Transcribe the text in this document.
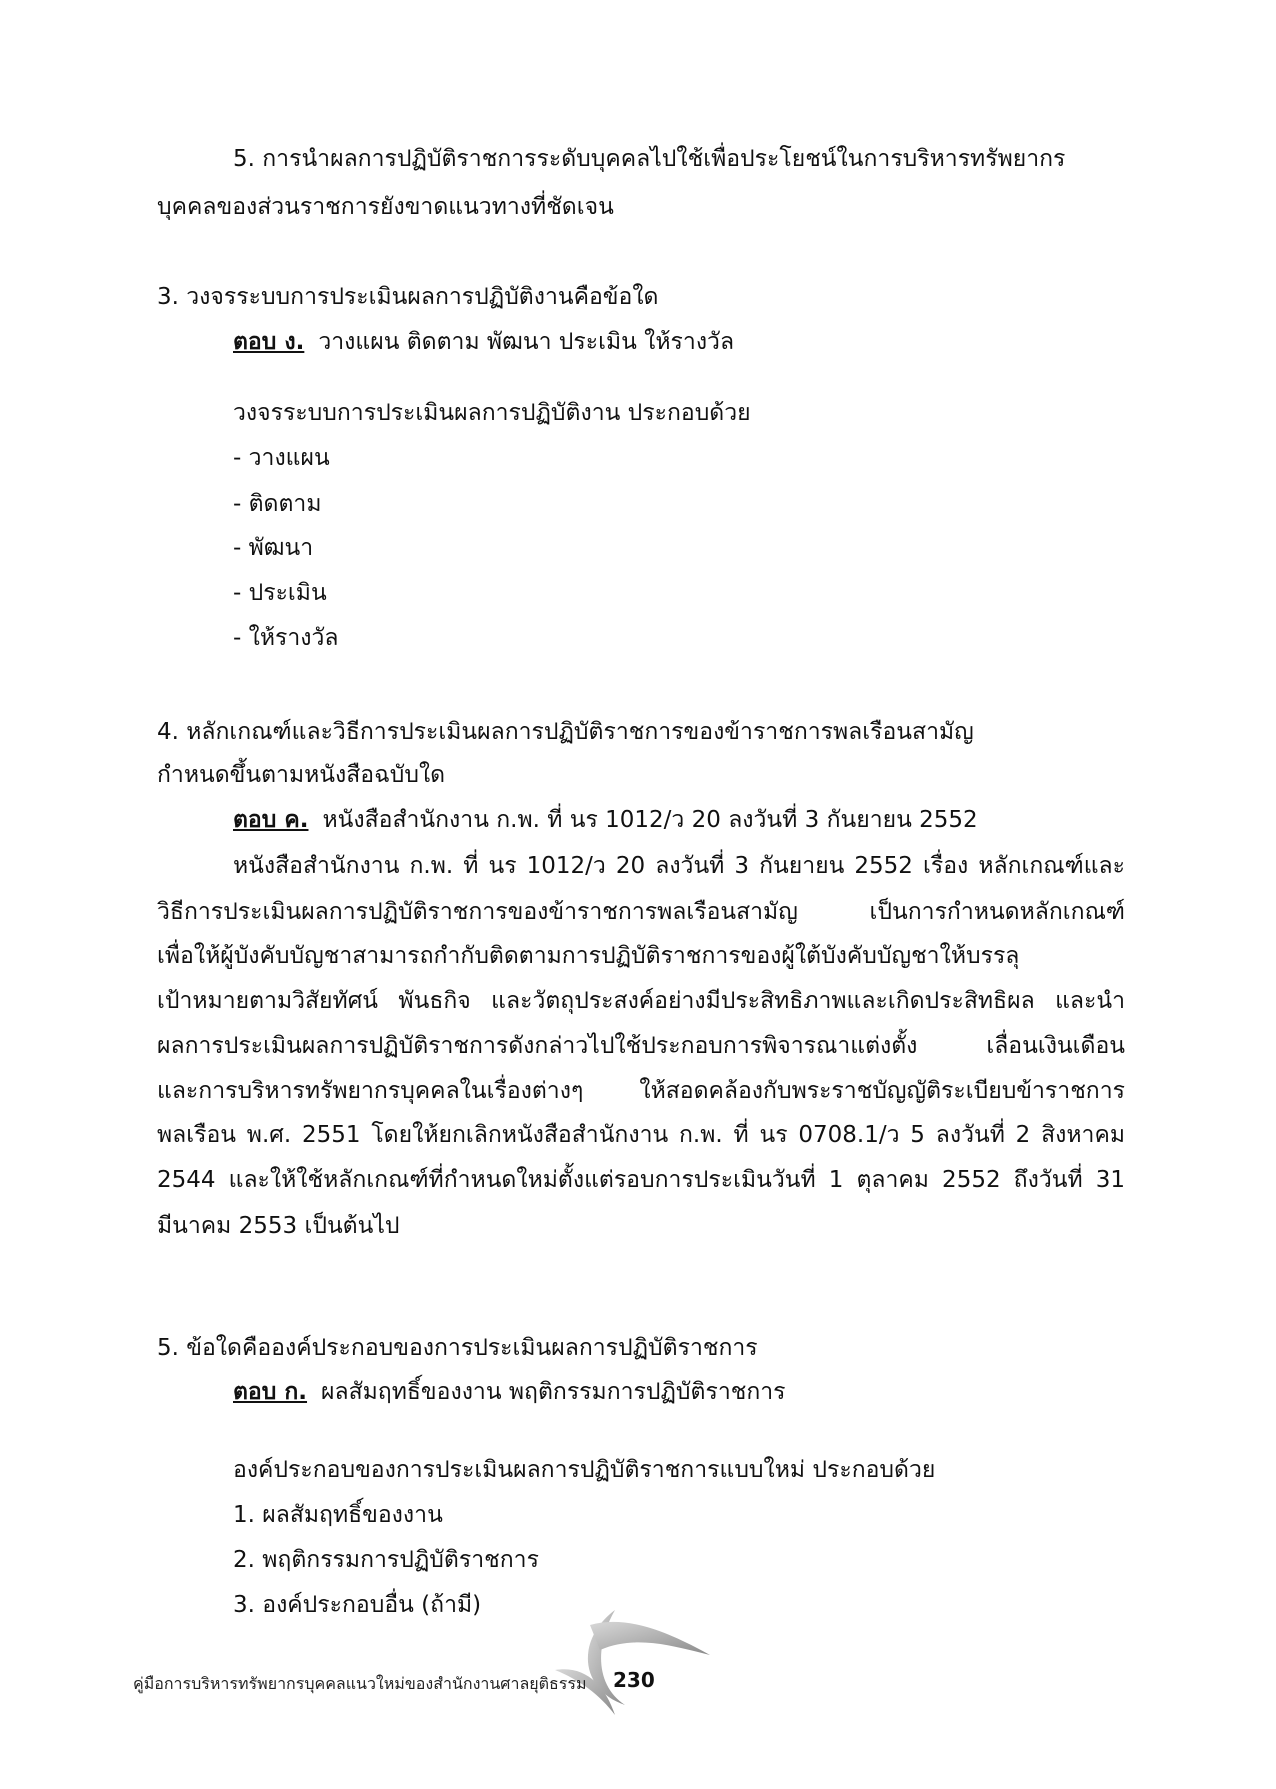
5. การนำผลการปฏิบัติราชการระดับบุคคลไปใช้เพื่อประโยชน์ในการบริหารทรัพยากร
บุคคลของส่วนราชการยังขาดแนวทางที่ชัดเจน
3. วงจรระบบการประเมินผลการปฏิบัติงานคือข้อใด
ตอบ ง. วางแผน ติดตาม พัฒนา ประเมิน ให้รางวัล
วงจรระบบการประเมินผลการปฏิบัติงาน ประกอบด้วย
- วางแผน
- ติดตาม
- พัฒนา
- ประเมิน
- ให้รางวัล
4. หลักเกณฑ์และวิธีการประเมินผลการปฏิบัติราชการของข้าราชการพลเรือนสามัญ
กำหนดขึ้นตามหนังสือฉบับใด
ตอบ ค. หนังสือสำนักงาน ก.พ. ที่ นร 1012/ว 20 ลงวันที่ 3 กันยายน 2552
หนังสือสำนักงาน ก.พ. ที่ นร 1012/ว 20 ลงวันที่ 3 กันยายน 2552 เรื่อง หลักเกณฑ์และ
วิธีการประเมินผลการปฏิบัติราชการของข้าราชการพลเรือนสามัญ เป็นการกำหนดหลักเกณฑ์
เพื่อให้ผู้บังคับบัญชาสามารถกำกับติดตามการปฏิบัติราชการของผู้ใต้บังคับบัญชาให้บรรลุ
เป้าหมายตามวิสัยทัศน์ พันธกิจ และวัตถุประสงค์อย่างมีประสิทธิภาพและเกิดประสิทธิผล และนำ
ผลการประเมินผลการปฏิบัติราชการดังกล่าวไปใช้ประกอบการพิจารณาแต่งตั้ง เลื่อนเงินเดือน
และการบริหารทรัพยากรบุคคลในเรื่องต่างๆ ให้สอดคล้องกับพระราชบัญญัติระเบียบข้าราชการ
พลเรือน พ.ศ. 2551 โดยให้ยกเลิกหนังสือสำนักงาน ก.พ. ที่ นร 0708.1/ว 5 ลงวันที่ 2 สิงหาคม
2544 และให้ใช้หลักเกณฑ์ที่กำหนดใหม่ตั้งแต่รอบการประเมินวันที่ 1 ตุลาคม 2552 ถึงวันที่ 31
มีนาคม 2553 เป็นต้นไป
5. ข้อใดคือองค์ประกอบของการประเมินผลการปฏิบัติราชการ
ตอบ ก. ผลสัมฤทธิ์ของงาน พฤติกรรมการปฏิบัติราชการ
องค์ประกอบของการประเมินผลการปฏิบัติราชการแบบใหม่ ประกอบด้วย
1. ผลสัมฤทธิ์ของงาน
2. พฤติกรรมการปฏิบัติราชการ
3. องค์ประกอบอื่น (ถ้ามี)
คู่มือการบริหารทรัพยากรบุคคลแนวใหม่ของสำนักงานศาลยุติธรรม 230
